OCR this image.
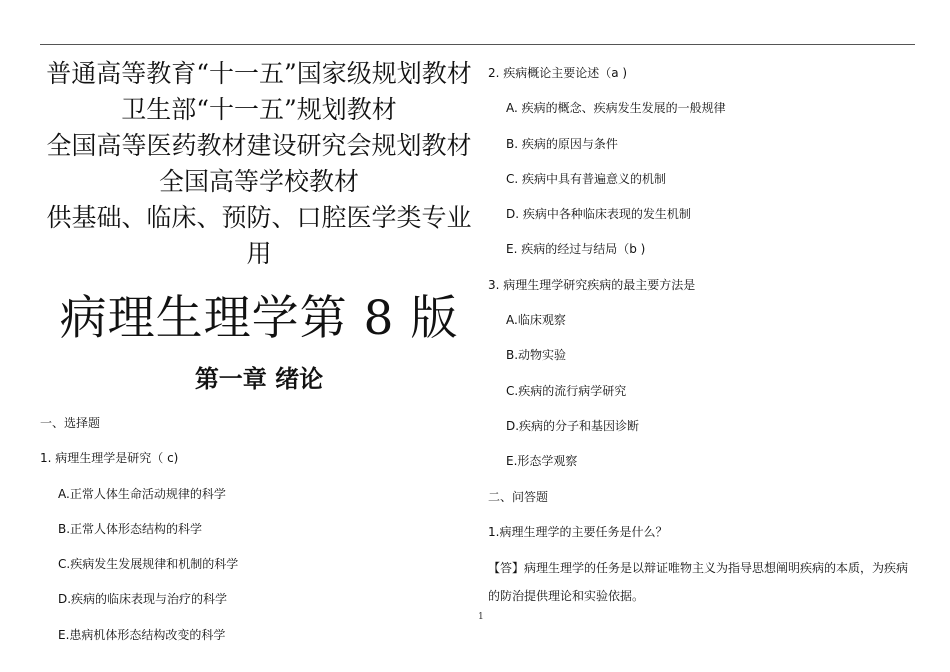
普通高等教育“十一五”国家级规划教材
卫生部“十一五”规划教材
全国高等医药教材建设研究会规划教材
全国高等学校教材
供基础、临床、预防、口腔医学类专业
用
病理生理学第 8 版
第一章 绪论
一、选择题
1. 病理生理学是研究（ c)
A.正常人体生命活动规律的科学
B.正常人体形态结构的科学
C.疾病发生发展规律和机制的科学
D.疾病的临床表现与治疗的科学
E.患病机体形态结构改变的科学
2. 疾病概论主要论述（a )
A. 疾病的概念、疾病发生发展的一般规律
B. 疾病的原因与条件
C. 疾病中具有普遍意义的机制
D. 疾病中各种临床表现的发生机制
E. 疾病的经过与结局（b )
3. 病理生理学研究疾病的最主要方法是
A.临床观察
B.动物实验
C.疾病的流行病学研究
D.疾病的分子和基因诊断
E.形态学观察
二、问答题
1.病理生理学的主要任务是什么？
【答】病理生理学的任务是以辩证唯物主义为指导思想阐明疾病的本质，为疾病的防治提供理论和实验依据。
1
